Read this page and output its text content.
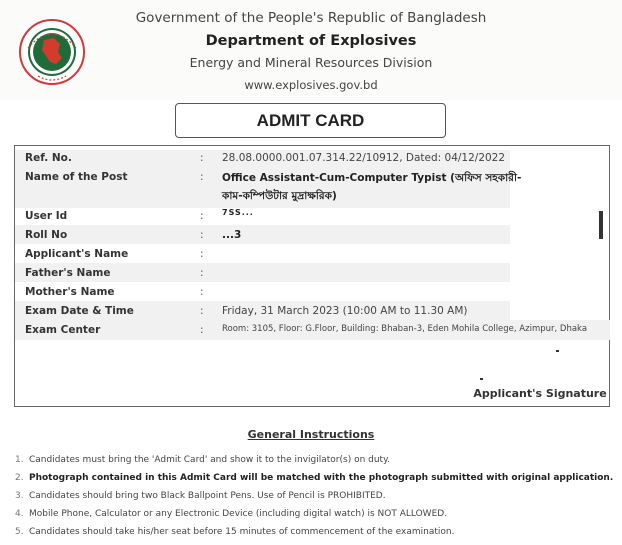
Government of the People's Republic of Bangladesh
Department of Explosives
Energy and Mineral Resources Division
www.explosives.gov.bd
ADMIT CARD
Ref. No.	: 28.08.0000.001.07.314.22/10912, Dated: 04/12/2022
Name of the Post	: Office Assistant-Cum-Computer Typist (অফিস সহকারী-
কাম-কম্পিউটার মুদ্রাক্ষরিক)
User Id	: 7SS...
Roll No	: ...3
Applicant's Name	:
Father's Name	:
Mother's Name	:
Exam Date & Time	: Friday, 31 March 2023 (10:00 AM to 11.30 AM)
Exam Center	: Room: 3105, Floor: G.Floor, Building: Bhaban-3, Eden Mohila College, Azimpur, Dhaka
Applicant's Signature
General Instructions
1. Candidates must bring the 'Admit Card' and show it to the invigilator(s) on duty.
2. Photograph contained in this Admit Card will be matched with the photograph submitted with original application.
3. Candidates should bring two Black Ballpoint Pens. Use of Pencil is PROHIBITED.
4. Mobile Phone, Calculator or any Electronic Device (including digital watch) is NOT ALLOWED.
5. Candidates should take his/her seat before 15 minutes of commencement of the examination.
